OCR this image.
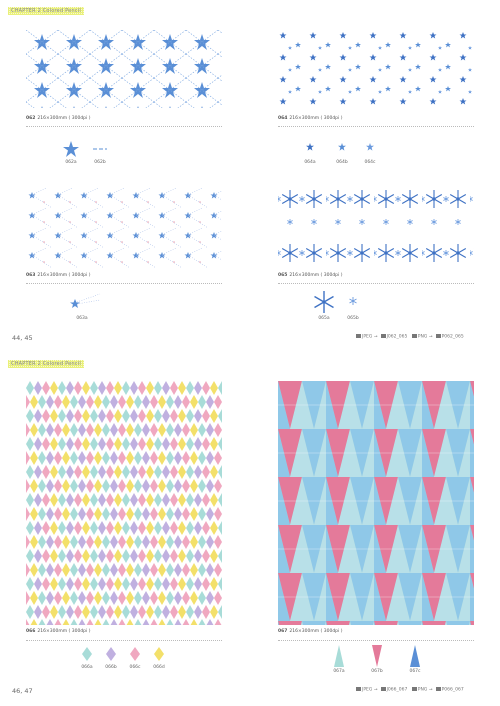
CHAPTER 2 Colored Pencil
062 216×300mm ( 300dpi )
062a	062b
063 216×300mm ( 300dpi )
063a
44, 45
064 216×300mm ( 300dpi )
064a	064b	064c
065 216×300mm ( 300dpi )
065a	065b
JPEG → J062_065 PNG → P062_065
CHAPTER 2 Colored Pencil
066 216×300mm ( 300dpi )
066a	066b	066c	066d
46, 47
067 216×300mm ( 300dpi )
067a	067b	067c
JPEG → J066_067 PNG → P066_067
